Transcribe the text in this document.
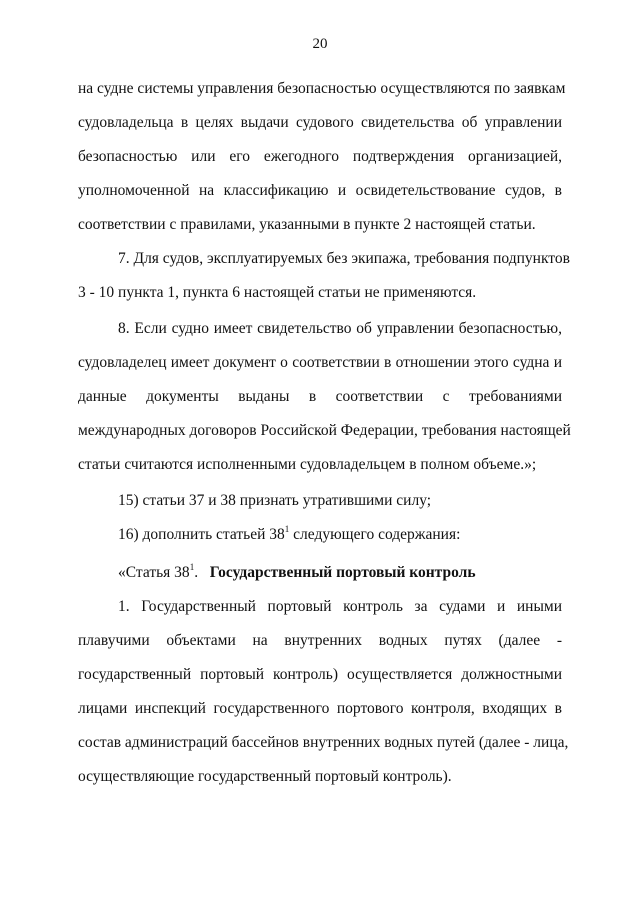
20
на судне системы управления безопасностью осуществляются по заявкам
судовладельца в целях выдачи судового свидетельства об управлении
безопасностью или его ежегодного подтверждения организацией,
уполномоченной на классификацию и освидетельствование судов, в
соответствии с правилами, указанными в пункте 2 настоящей статьи.
7. Для судов, эксплуатируемых без экипажа, требования подпунктов
3 - 10 пункта 1, пункта 6 настоящей статьи не применяются.
8. Если судно имеет свидетельство об управлении безопасностью,
судовладелец имеет документ о соответствии в отношении этого судна и
данные документы выданы в соответствии с требованиями
международных договоров Российской Федерации, требования настоящей
статьи считаются исполненными судовладельцем в полном объеме.»;
15) статьи 37 и 38 признать утратившими силу;
16) дополнить статьей $38^1$ следующего содержания:
«Статья $38^1$. Государственный портовый контроль
1. Государственный портовый контроль за судами и иными
плавучими объектами на внутренних водных путях (далее -
государственный портовый контроль) осуществляется должностными
лицами инспекций государственного портового контроля, входящих в
состав администраций бассейнов внутренних водных путей (далее - лица,
осуществляющие государственный портовый контроль).
